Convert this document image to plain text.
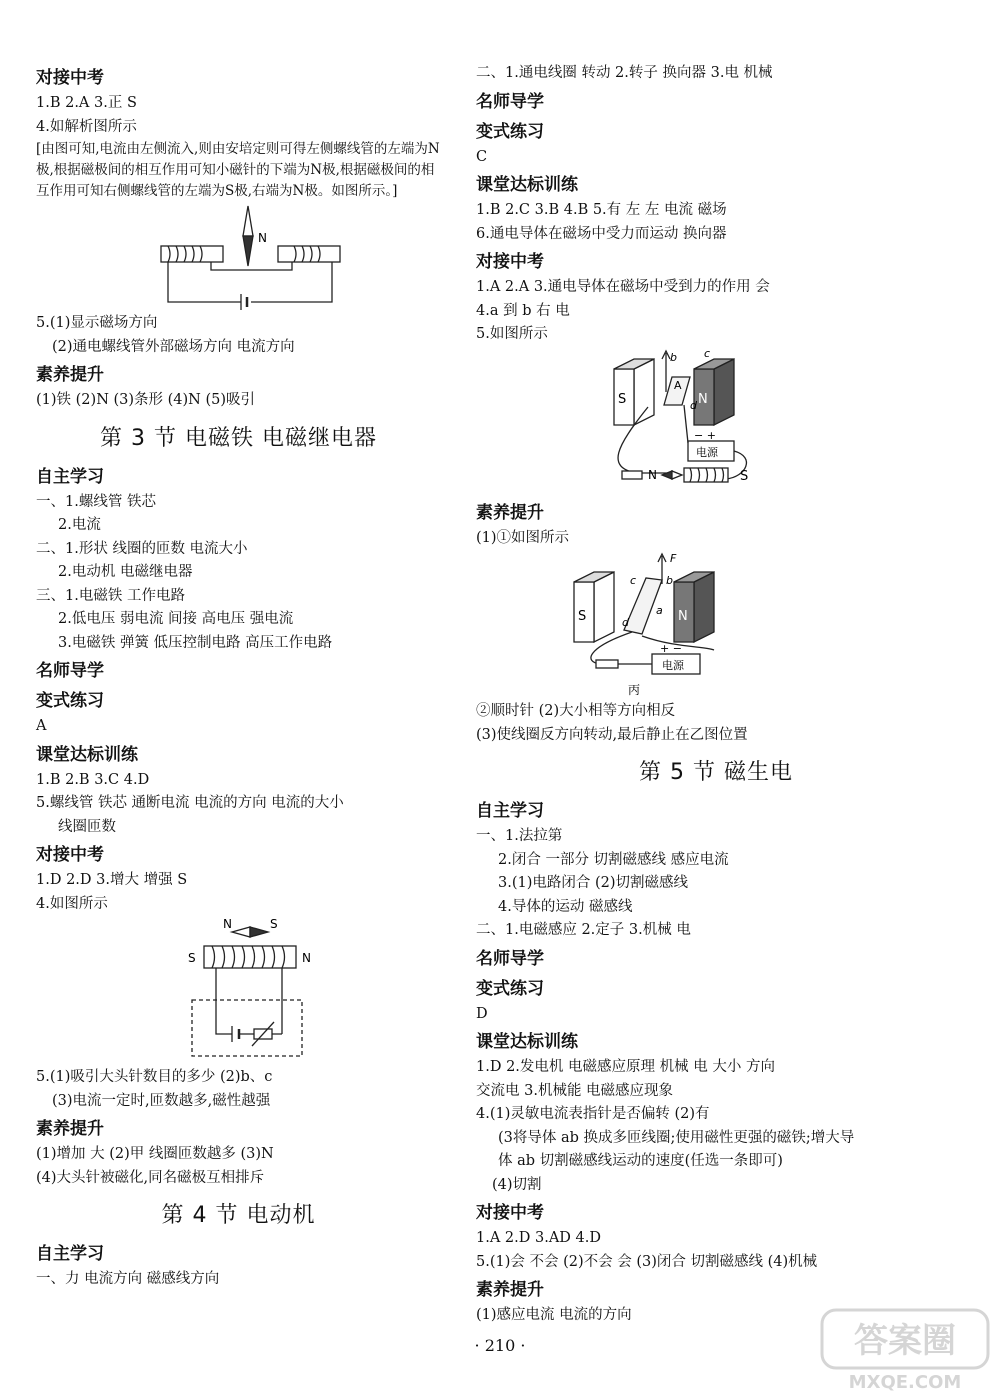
对接中考
1.B 2.A 3.正 S
4.如解析图所示
[由图可知,电流由左侧流入,则由安培定则可得左侧螺线管的左端为N极,根据磁极间的相互作用可知小磁针的下端为N极,根据磁极间的相互作用可知右侧螺线管的左端为S极,右端为N极。如图所示。]
N
5.(1)显示磁场方向
(2)通电螺线管外部磁场方向 电流方向
素养提升
(1)铁 (2)N (3)条形 (4)N (5)吸引
第 3 节 电磁铁 电磁继电器
自主学习
一、1.螺线管 铁芯
2.电流
二、1.形状 线圈的匝数 电流大小
2.电动机 电磁继电器
三、1.电磁铁 工作电路
2.低电压 弱电流 间接 高电压 强电流
3.电磁铁 弹簧 低压控制电路 高压工作电路
名师导学
变式练习
A
课堂达标训练
1.B 2.B 3.C 4.D
5.螺线管 铁芯 通断电流 电流的方向 电流的大小
线圈匝数
对接中考
1.D 2.D 3.增大 增强 S
4.如图所示
N	S
S	N
5.(1)吸引大头针数目的多少 (2)b、c
(3)电流一定时,匝数越多,磁性越强
素养提升
(1)增加 大 (2)甲 线圈匝数越多 (3)N
(4)大头针被磁化,同名磁极互相排斥
第 4 节 电动机
自主学习
一、力 电流方向 磁感线方向
二、1.通电线圈 转动 2.转子 换向器 3.电 机械
名师导学
变式练习
C
课堂达标训练
1.B 2.C 3.B 4.B 5.有 左 左 电流 磁场
6.通电导体在磁场中受力而运动 换向器
对接中考
1.A 2.A 3.通电导体在磁场中受到力的作用 会
4.a 到 b 右 电
5.如图所示
b c
A
d
S	N
− +
电源
N	S
素养提升
(1)①如图所示
F
b
c
a
d
S	N
+ −
电源
丙
②顺时针 (2)大小相等方向相反
(3)使线圈反方向转动,最后静止在乙图位置
第 5 节 磁生电
自主学习
一、1.法拉第
2.闭合 一部分 切割磁感线 感应电流
3.(1)电路闭合 (2)切割磁感线
4.导体的运动 磁感线
二、1.电磁感应 2.定子 3.机械 电
名师导学
变式练习
D
课堂达标训练
1.D 2.发电机 电磁感应原理 机械 电 大小 方向
交流电 3.机械能 电磁感应现象
4.(1)灵敏电流表指针是否偏转 (2)有
(3将导体 ab 换成多匝线圈;使用磁性更强的磁铁;增大导
体 ab 切割磁感线运动的速度(任选一条即可)
(4)切割
对接中考
1.A 2.D 3.AD 4.D
5.(1)会 不会 (2)不会 会 (3)闭合 切割磁感线 (4)机械
素养提升
(1)感应电流 电流的方向
· 210 ·	答案圈
MXQE.COM
